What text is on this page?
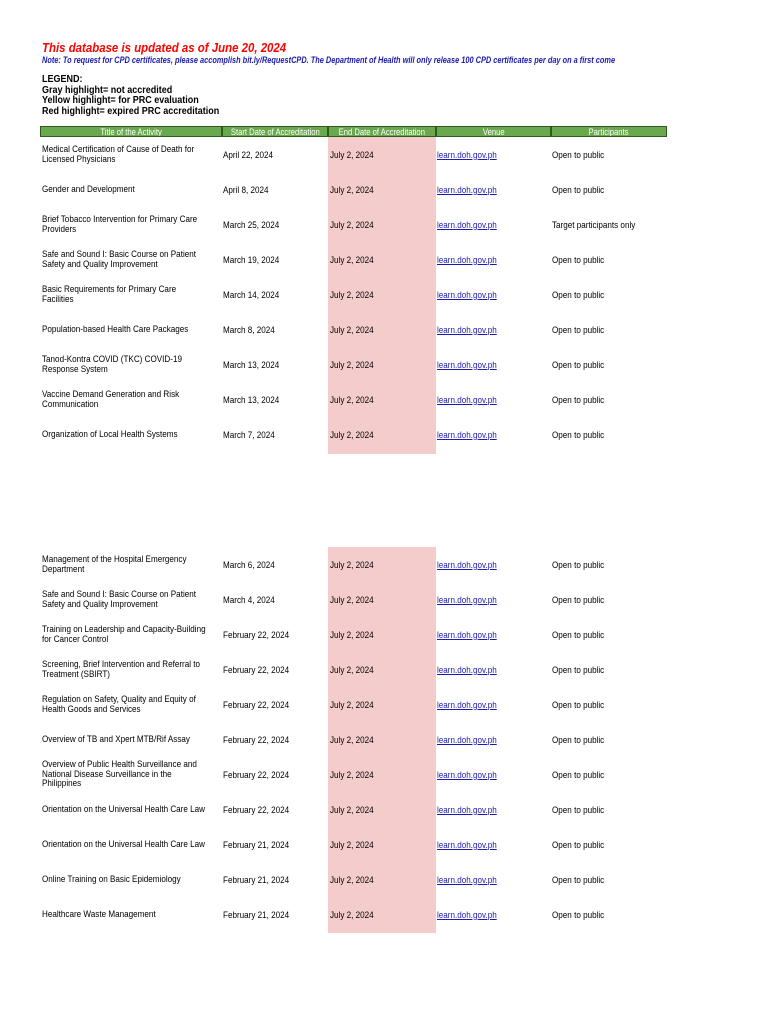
This database is updated as of June 20, 2024
Note: To request for CPD certificates, please accomplish bit.ly/RequestCPD. The Department of Health will only release 100 CPD certificates per day on a first come
LEGEND:
Gray highlight= not accredited
Yellow highlight= for PRC evaluation
Red highlight= expired PRC accreditation
Title of the Activity	Start Date of Accreditation	End Date of Accreditation	Venue	Participants
Medical Certification of Cause of Death for Licensed Physicians	April 22, 2024	July 2, 2024	learn.doh.gov.ph	Open to public
Gender and Development	April 8, 2024	July 2, 2024	learn.doh.gov.ph	Open to public
Brief Tobacco Intervention for Primary Care Providers	March 25, 2024	July 2, 2024	learn.doh.gov.ph	Target participants only
Safe and Sound I: Basic Course on Patient Safety and Quality Improvement	March 19, 2024	July 2, 2024	learn.doh.gov.ph	Open to public
Basic Requirements for Primary Care Facilities	March 14, 2024	July 2, 2024	learn.doh.gov.ph	Open to public
Population-based Health Care Packages	March 8, 2024	July 2, 2024	learn.doh.gov.ph	Open to public
Tanod-Kontra COVID (TKC) COVID-19 Response System	March 13, 2024	July 2, 2024	learn.doh.gov.ph	Open to public
Vaccine Demand Generation and Risk Communication	March 13, 2024	July 2, 2024	learn.doh.gov.ph	Open to public
Organization of Local Health Systems	March 7, 2024	July 2, 2024	learn.doh.gov.ph	Open to public
Management of the Hospital Emergency Department	March 6, 2024	July 2, 2024	learn.doh.gov.ph	Open to public
Safe and Sound I: Basic Course on Patient Safety and Quality Improvement	March 4, 2024	July 2, 2024	learn.doh.gov.ph	Open to public
Training on Leadership and Capacity-Building for Cancer Control	February 22, 2024	July 2, 2024	learn.doh.gov.ph	Open to public
Screening, Brief Intervention and Referral to Treatment (SBIRT)	February 22, 2024	July 2, 2024	learn.doh.gov.ph	Open to public
Regulation on Safety, Quality and Equity of Health Goods and Services	February 22, 2024	July 2, 2024	learn.doh.gov.ph	Open to public
Overview of TB and Xpert MTB/Rif Assay	February 22, 2024	July 2, 2024	learn.doh.gov.ph	Open to public
Overview of Public Health Surveillance and National Disease Surveillance in the Philippines
February 22, 2024	July 2, 2024	learn.doh.gov.ph	Open to public
Orientation on the Universal Health Care Law February 22, 2024	July 2, 2024	learn.doh.gov.ph	Open to public
Orientation on the Universal Health Care Law February 21, 2024	July 2, 2024	learn.doh.gov.ph	Open to public
Online Training on Basic Epidemiology	February 21, 2024	July 2, 2024	learn.doh.gov.ph	Open to public
Healthcare Waste Management	February 21, 2024	July 2, 2024	learn.doh.gov.ph	Open to public
